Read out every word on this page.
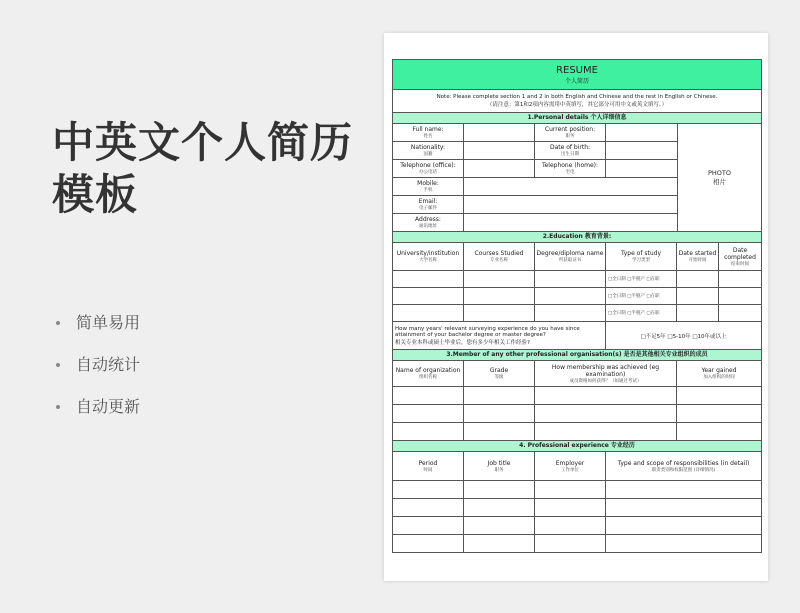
中英文个人简历
模板
简单易用
自动统计
自动更新
RESUME
个人简历
Note: Please complete section 1 and 2 in both English and Chinese and the rest in English or Chinese.
（请注意：第1和2项内容需用中英填写，其它部分可用中文或英文填写。）
1.Personal details 个人详细信息
Full name:
姓名
Current position:
职务
Nationality:
国籍
Date of birth:
出生日期
Telephone (office):
办公电话
Telephone (home):
宅电
Mobile:
手机
Email:
电子邮件
Address:
通讯地址
PHOTO
相片
2.Education 教育背景:
University/institution
大学名称
Courses Studied
专业名称
Degree/diploma name
所获取证书
Type of study
学习类型
Date started
开始时间
Date completed
结束时间
□全日制 □半脱产 □在职
□全日制 □半脱产 □在职
□全日制 □半脱产 □在职
How many years' relevant surveying experience do you have since attainment of your bachelor degree or master degree?
相关专业本科或硕士毕业后，您有多少年相关工作经验?
□不足5年 □5-10年 □10年或以上
3.Member of any other professional organisation(s) 是否是其他相关专业组织的成员
Name of organization
组织名称
Grade
等级
How membership was achieved (eg examination)
成员资格如何获得？（如通过考试）
Year gained
加入组织的时间
4. Professional experience 专业经历
Period
时间
Job title
职务
Employer
工作单位
Type and scope of responsibilities (in detail)
职责类别和权限范围 (详细情况)
